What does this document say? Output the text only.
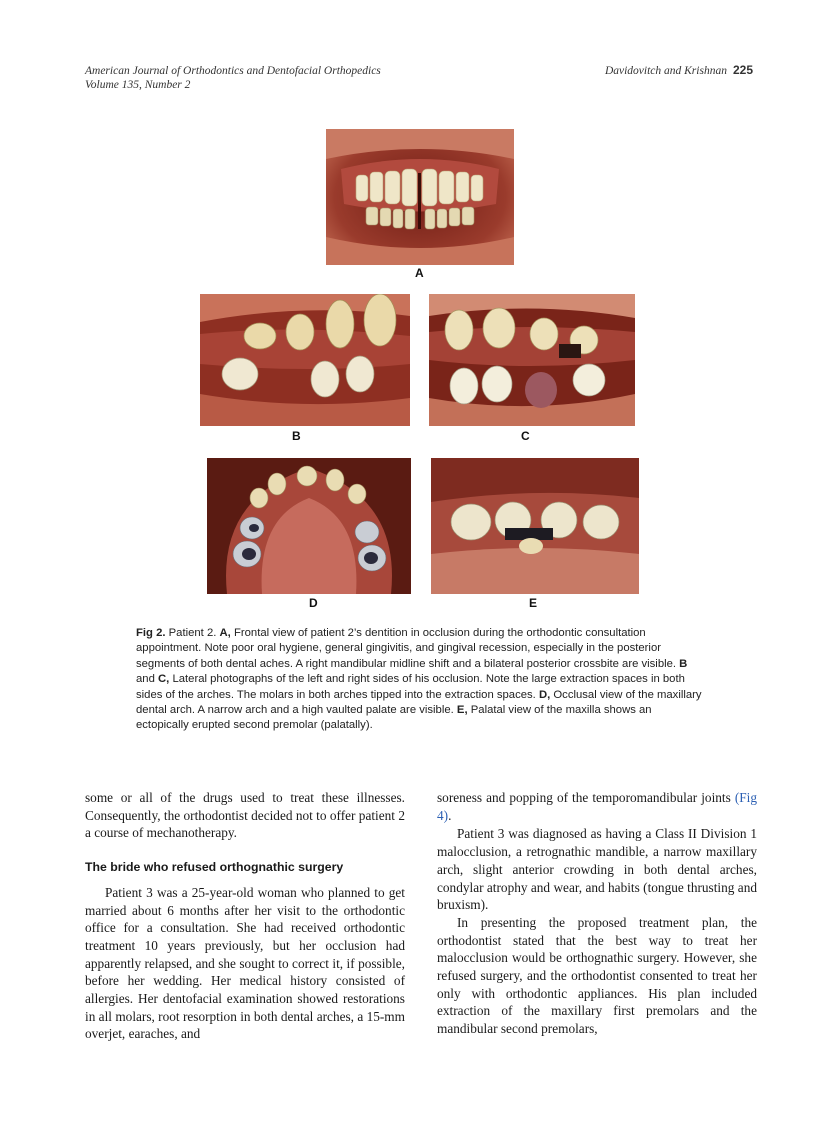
American Journal of Orthodontics and Dentofacial Orthopedics
Volume 135, Number 2
Davidovitch and Krishnan 225
A
B	C
D	E
Fig 2. Patient 2. A, Frontal view of patient 2’s dentition in occlusion during the orthodontic consultation appointment. Note poor oral hygiene, general gingivitis, and gingival recession, especially in the posterior segments of both dental aches. A right mandibular midline shift and a bilateral posterior crossbite are visible. B and C, Lateral photographs of the left and right sides of his occlusion. Note the large extraction spaces in both sides of the arches. The molars in both arches tipped into the extraction spaces. D, Occlusal view of the maxillary dental arch. A narrow arch and a high vaulted palate are visible. E, Palatal view of the maxilla shows an ectopically erupted second premolar (palatally).

some or all of the drugs used to treat these illnesses. Consequently, the orthodontist decided not to offer patient 2 a course of mechanotherapy.

The bride who refused orthognathic surgery

Patient 3 was a 25-year-old woman who planned to get married about 6 months after her visit to the orthodontic office for a consultation. She had received orthodontic treatment 10 years previously, but her occlusion had apparently relapsed, and she sought to correct it, if possible, before her wedding. Her medical history consisted of allergies. Her dentofacial examination showed restorations in all molars, root resorption in both dental arches, a 15-mm overjet, earaches, and

soreness and popping of the temporomandibular joints (Fig 4).

Patient 3 was diagnosed as having a Class II Division 1 malocclusion, a retrognathic mandible, a narrow maxillary arch, slight anterior crowding in both dental arches, condylar atrophy and wear, and habits (tongue thrusting and bruxism).

In presenting the proposed treatment plan, the orthodontist stated that the best way to treat her malocclusion would be orthognathic surgery. However, she refused surgery, and the orthodontist consented to treat her only with orthodontic appliances. His plan included extraction of the maxillary first premolars and the mandibular second premolars,
